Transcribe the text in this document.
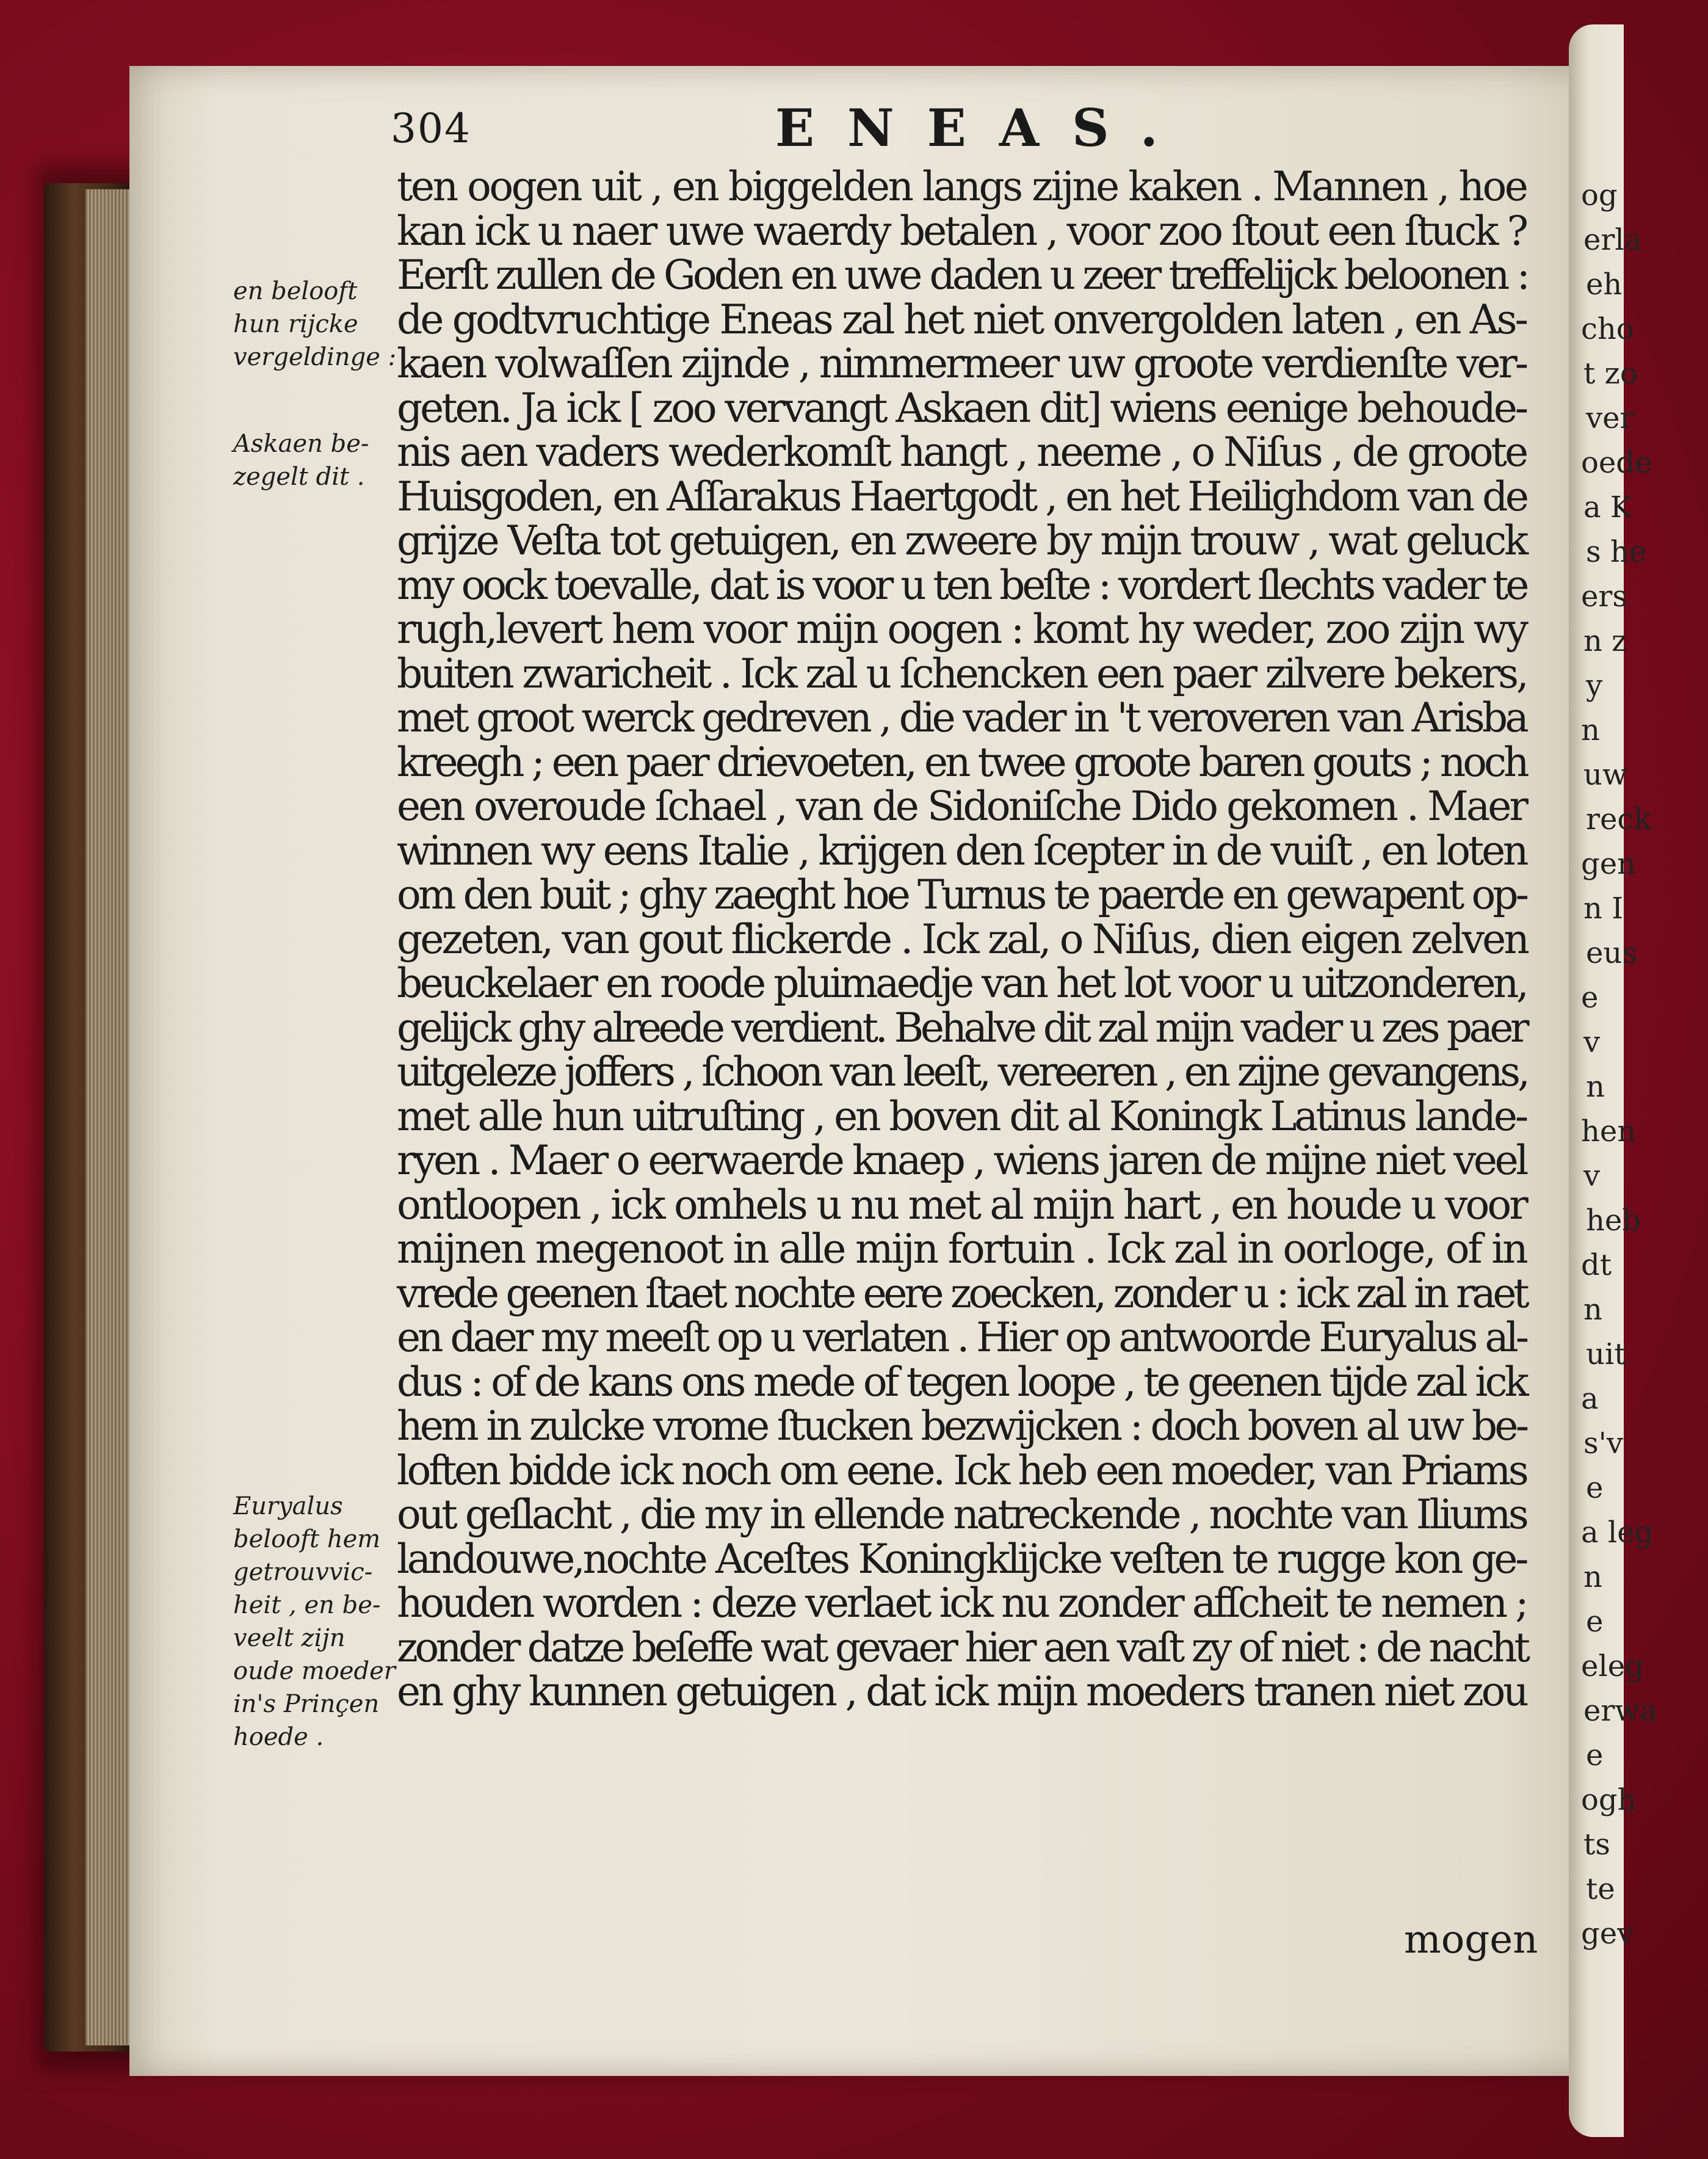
og
erla
eh
cho
t zo
ver
oede
a K
s he
ers
n z
y
n
uw
reck
gen
n I
eus
e
v
n
hen
v
heb
dt
n
uit
a
s'v
e
a leg
n
e
eleg
erwa
e
ogh
ts
te
gev
304	ENEAS.
ten oogen uit , en biggelden langs zijne kaken . Mannen , hoe
kan ick u naer uwe waerdy betalen , voor zoo ſtout een ſtuck ?
Eerſt zullen de Goden en uwe daden u zeer treffelijck beloonen :
de godtvruchtige Eneas zal het niet onvergolden laten , en As-
kaen volwaſſen zijnde , nimmermeer uw groote verdienſte ver-
geten. Ja ick [ zoo vervangt Askaen dit] wiens eenige behoude-
nis aen vaders wederkomſt hangt , neeme , o Niſus , de groote
Huisgoden, en Aſſarakus Haertgodt , en het Heilighdom van de
grijze Veſta tot getuigen, en zweere by mijn trouw , wat geluck
my oock toevalle, dat is voor u ten beſte : vordert ſlechts vader te
rugh,levert hem voor mijn oogen : komt hy weder, zoo zijn wy
buiten zwaricheit . Ick zal u ſchencken een paer zilvere bekers,
met groot werck gedreven , die vader in 't veroveren van Arisba
kreegh ; een paer drievoeten, en twee groote baren gouts ; noch
een overoude ſchael , van de Sidoniſche Dido gekomen . Maer
winnen wy eens Italie , krijgen den ſcepter in de vuiſt , en loten
om den buit ; ghy zaeght hoe Turnus te paerde en gewapent op-
gezeten, van gout flickerde . Ick zal, o Niſus, dien eigen zelven
beuckelaer en roode pluimaedje van het lot voor u uitzonderen,
gelijck ghy alreede verdient. Behalve dit zal mijn vader u zes paer
uitgeleze joffers , ſchoon van leeſt, vereeren , en zijne gevangens,
met alle hun uitruſting , en boven dit al Koningk Latinus lande-
ryen . Maer o eerwaerde knaep , wiens jaren de mijne niet veel
ontloopen , ick omhels u nu met al mijn hart , en houde u voor
mijnen megenoot in alle mijn fortuin . Ick zal in oorloge, of in
vrede geenen ſtaet nochte eere zoecken, zonder u : ick zal in raet
en daer my meeſt op u verlaten . Hier op antwoorde Euryalus al-
dus : of de kans ons mede of tegen loope , te geenen tijde zal ick
hem in zulcke vrome ſtucken bezwijcken : doch boven al uw be-
loften bidde ick noch om eene. Ick heb een moeder, van Priams
out geſlacht , die my in ellende natreckende , nochte van Iliums
landouwe,nochte Aceſtes Koningklijcke veſten te rugge kon ge-
houden worden : deze verlaet ick nu zonder afſcheit te nemen ;
zonder datze beſeffe wat gevaer hier aen vaſt zy of niet : de nacht
en ghy kunnen getuigen , dat ick mijn moeders tranen niet zou
mogen
en belooft
hun rijcke
vergeldinge :
Askaen be-
zegelt dit .
Euryalus
belooft hem
getrouvvic-
heit , en be-
veelt zijn
oude moeder
in's Prinçen
hoede .
